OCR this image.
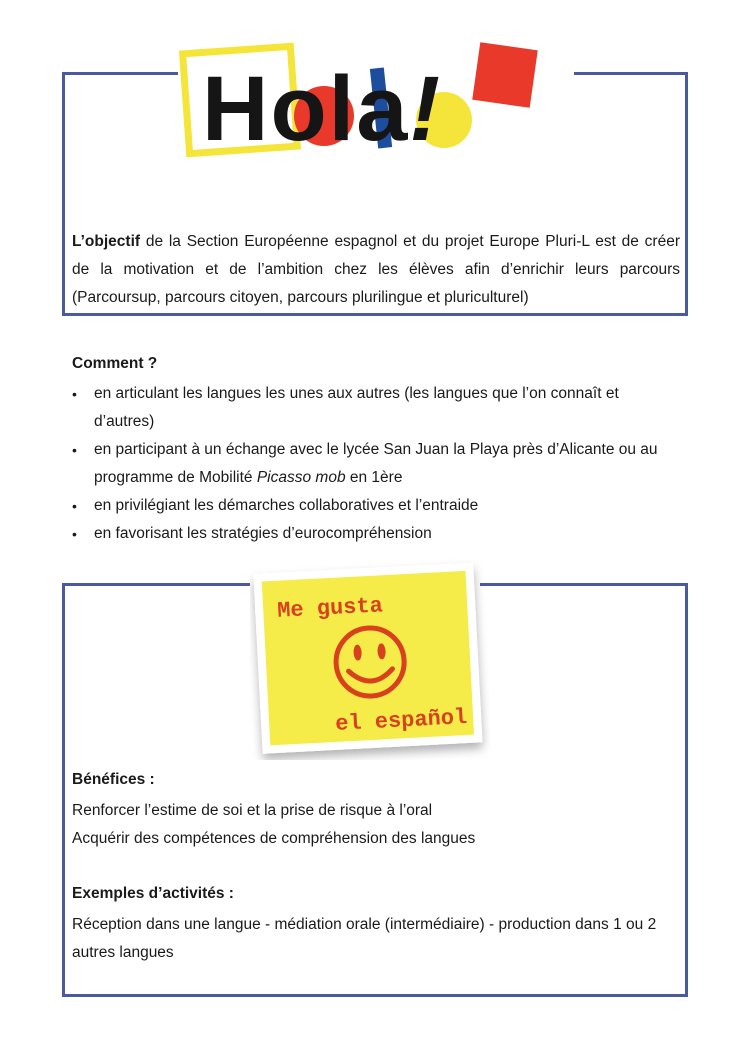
Hola!

L’objectif de la Section Européenne espagnol et du projet Europe Pluri-L est de créer de la motivation et de l’ambition chez les élèves afin d’enrichir leurs parcours (Parcoursup, parcours citoyen, parcours plurilingue et pluriculturel)

Comment ?

• en articulant les langues les unes aux autres (les langues que l’on connaît et d’autres)
• en participant à un échange avec le lycée San Juan la Playa près d’Alicante ou au programme de Mobilité Picasso mob en 1ère
• en privilégiant les démarches collaboratives et l’entraide
• en favorisant les stratégies d’eurocompréhension
Me gusta
el español

Bénéfices :

Renforcer l’estime de soi et la prise de risque à l’oral

Acquérir des compétences de compréhension des langues

Exemples d’activités :

Réception dans une langue - médiation orale (intermédiaire) - production dans 1 ou 2 autres langues
